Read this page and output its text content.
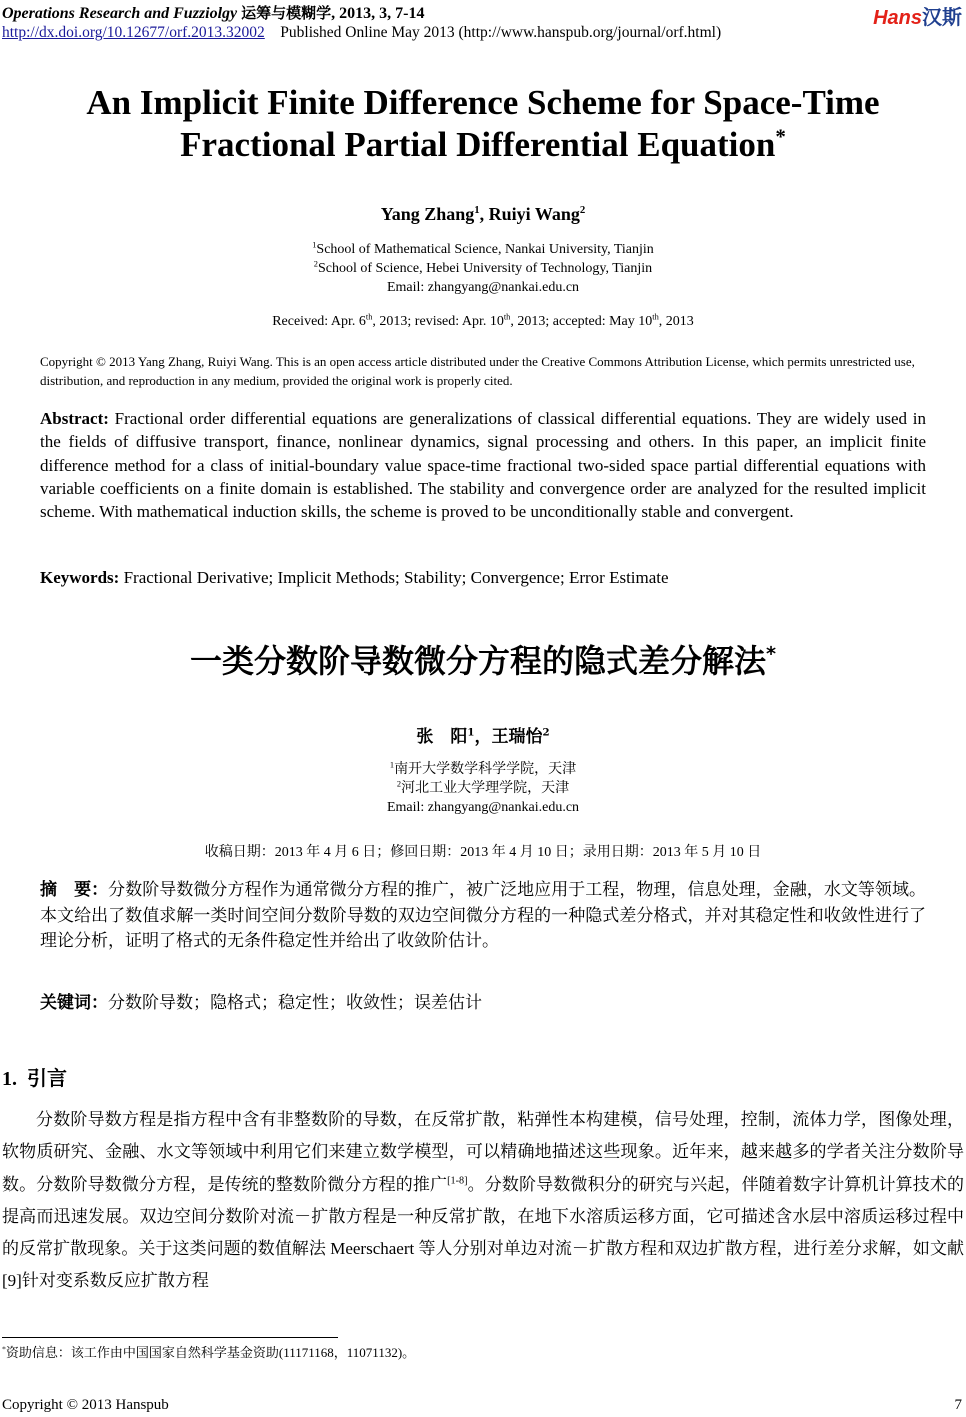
Operations Research and Fuzziolgy 运筹与模糊学, 2013, 3, 7-14
http://dx.doi.org/10.12677/orf.2013.32002 Published Online May 2013 (http://www.hanspub.org/journal/orf.html)
Hans汉斯
An Implicit Finite Difference Scheme for Space-Time
Fractional Partial Differential Equation*
Yang Zhang$^1$, Ruiyi Wang$^2$
$^1$School of Mathematical Science, Nankai University, Tianjin
$^2$School of Science, Hebei University of Technology, Tianjin
Email: zhangyang@nankai.edu.cn
Received: Apr. 6th, 2013; revised: Apr. 10th, 2013; accepted: May 10th, 2013
Copyright © 2013 Yang Zhang, Ruiyi Wang. This is an open access article distributed under the Creative Commons Attribution License, which permits unrestricted use, distribution, and reproduction in any medium, provided the original work is properly cited.
Abstract: Fractional order differential equations are generalizations of classical differential equations. They are widely used in the fields of diffusive transport, finance, nonlinear dynamics, signal processing and others. In this paper, an implicit finite difference method for a class of initial-boundary value space-time fractional two-sided space partial differential equations with variable coefficients on a finite domain is established. The stability and convergence order are analyzed for the resulted implicit scheme. With mathematical induction skills, the scheme is proved to be unconditionally stable and convergent.
Keywords: Fractional Derivative; Implicit Methods; Stability; Convergence; Error Estimate
一类分数阶导数微分方程的隐式差分解法*
张　阳$^1$，王瑞怡$^2$
$^1$南开大学数学科学学院，天津
$^2$河北工业大学理学院，天津
Email: zhangyang@nankai.edu.cn
收稿日期：2013 年 4 月 6 日；修回日期：2013 年 4 月 10 日；录用日期：2013 年 5 月 10 日
摘　要：分数阶导数微分方程作为通常微分方程的推广，被广泛地应用于工程，物理，信息处理，金融，水文等领域。本文给出了数值求解一类时间空间分数阶导数的双边空间微分方程的一种隐式差分格式，并对其稳定性和收敛性进行了理论分析，证明了格式的无条件稳定性并给出了收敛阶估计。
关键词：分数阶导数；隐格式；稳定性；收敛性；误差估计
1.  引言
分数阶导数方程是指方程中含有非整数阶的导数，在反常扩散，粘弹性本构建模，信号处理，控制，流体力学，图像处理，软物质研究、金融、水文等领域中利用它们来建立数学模型，可以精确地描述这些现象。近年来，越来越多的学者关注分数阶导数。分数阶导数微分方程，是传统的整数阶微分方程的推广[1-8]。分数阶导数微积分的研究与兴起，伴随着数字计算机计算技术的提高而迅速发展。双边空间分数阶对流－扩散方程是一种反常扩散，在地下水溶质运移方面，它可描述含水层中溶质运移过程中的反常扩散现象。关于这类问题的数值解法 Meerschaert 等人分别对单边对流－扩散方程和双边扩散方程，进行差分求解，如文献[9]针对变系数反应扩散方程
*资助信息：该工作由中国国家自然科学基金资助(11171168，11071132)。
Copyright © 2013 Hanspub	7
